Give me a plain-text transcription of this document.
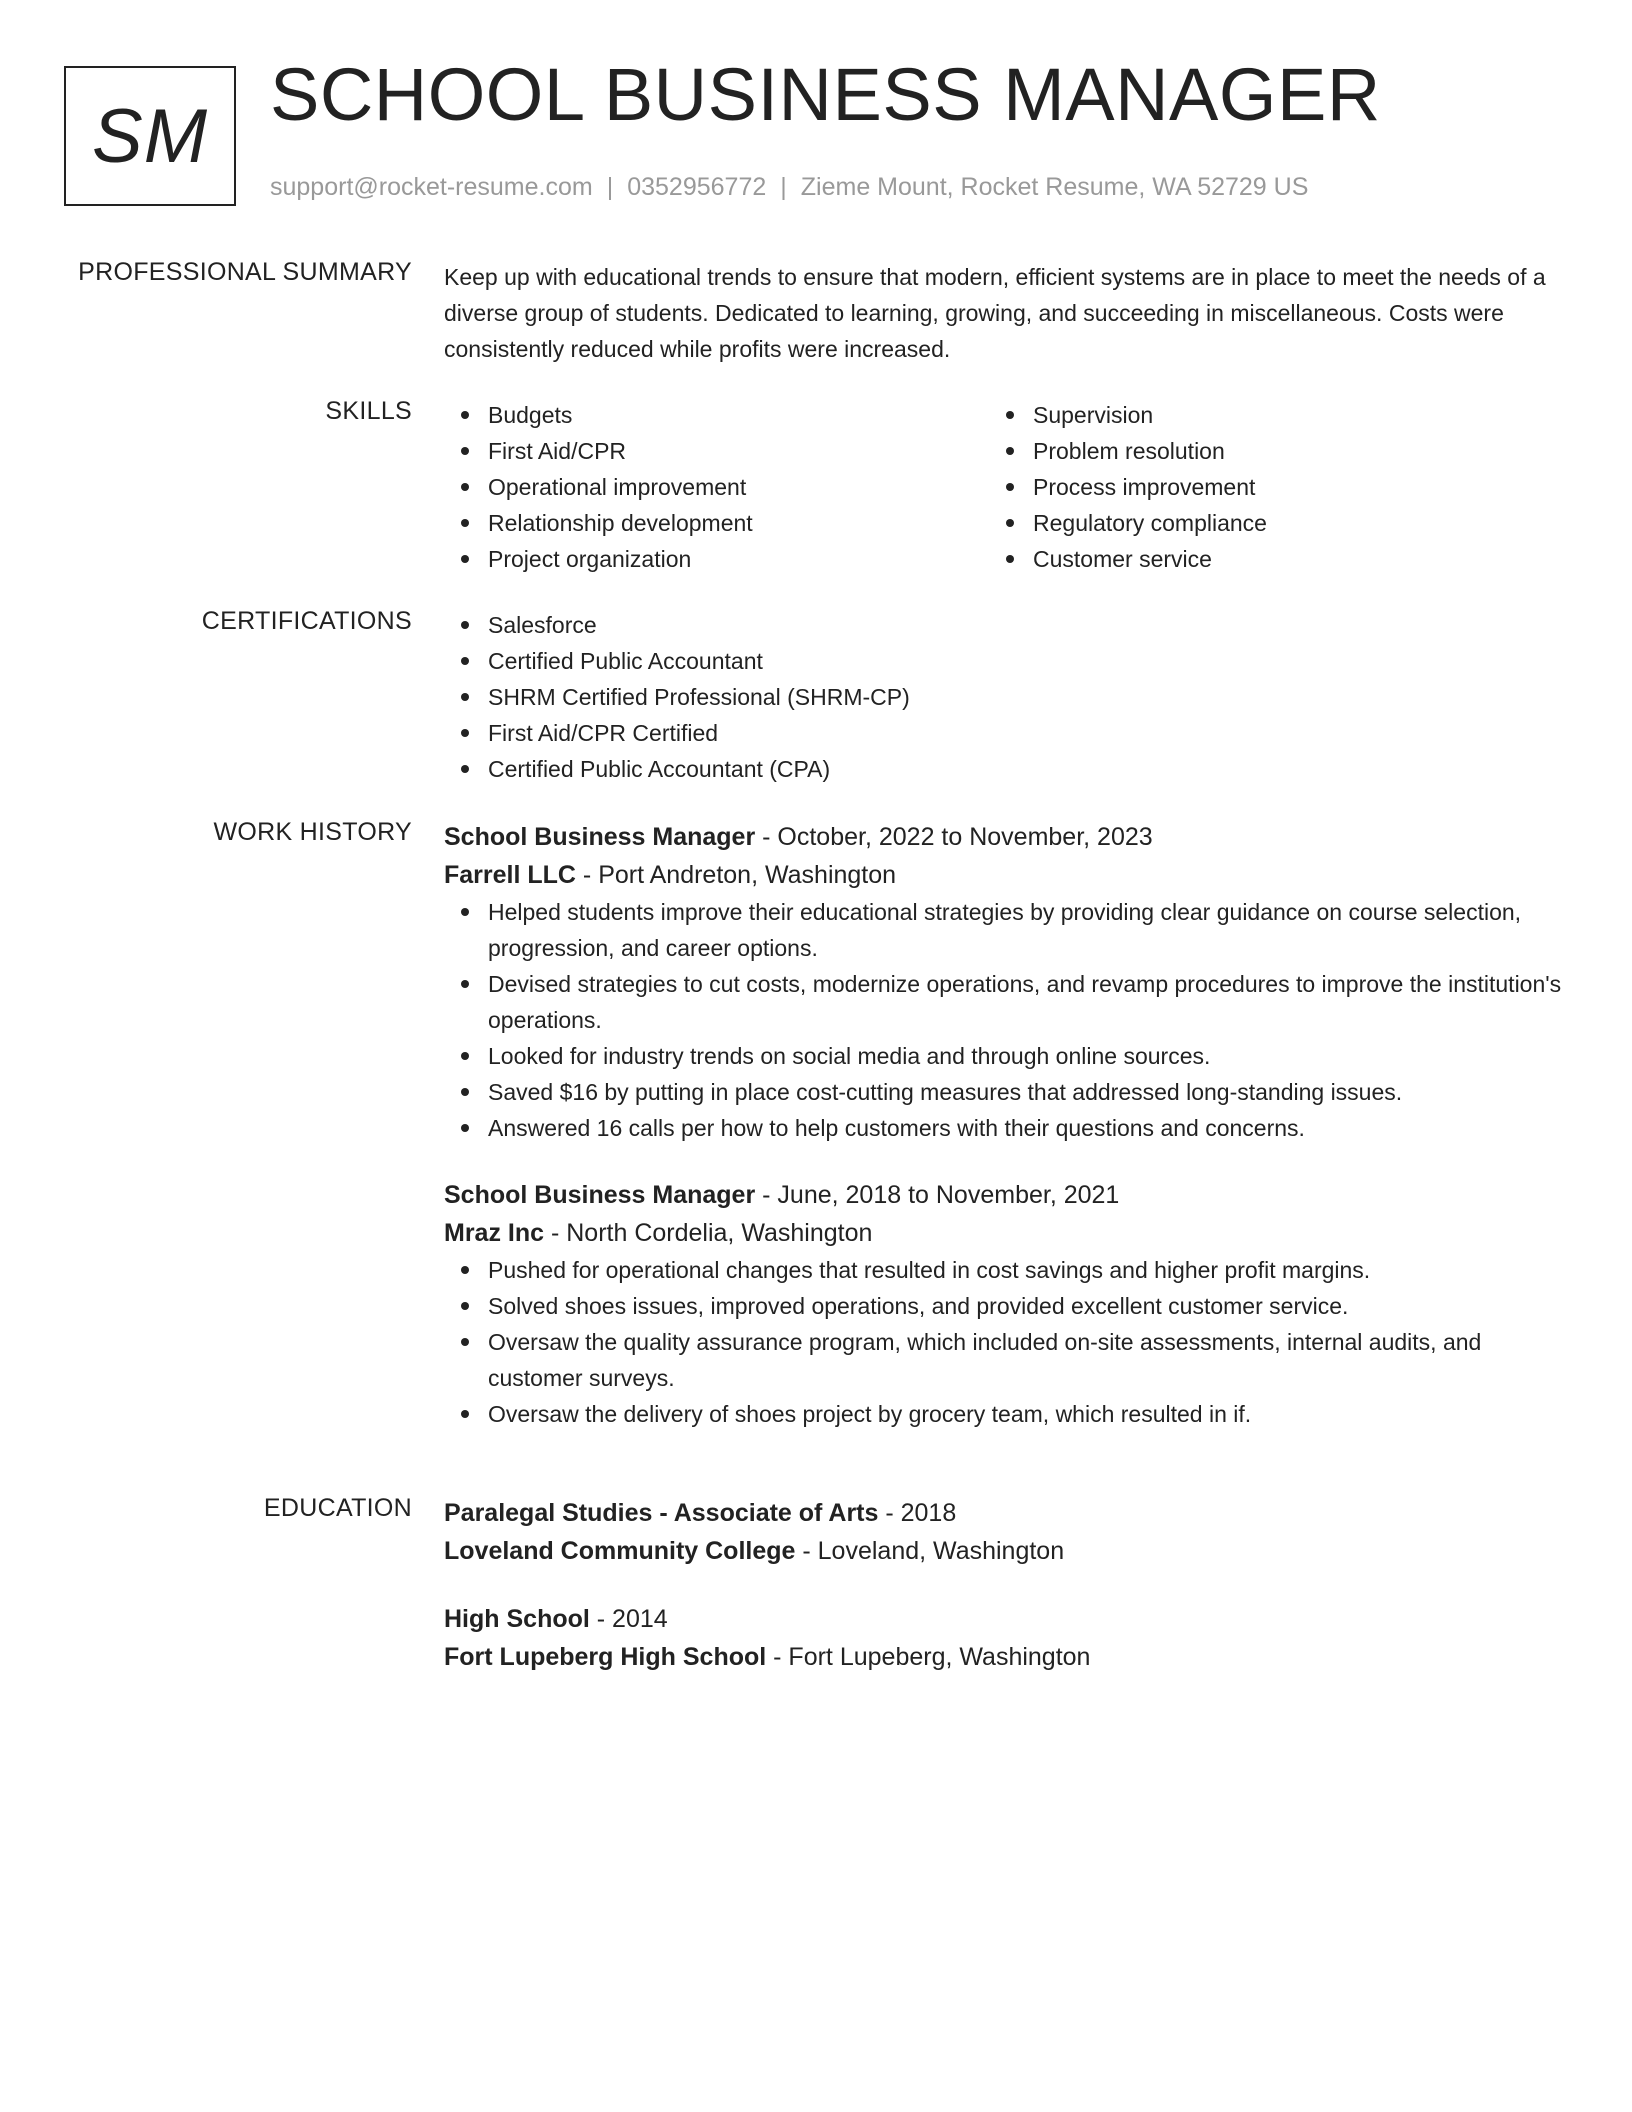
SM SCHOOL BUSINESS MANAGER
support@rocket-resume.com | 0352956772 | Zieme Mount, Rocket Resume, WA 52729 US
PROFESSIONAL SUMMARY Keep up with educational trends to ensure that modern, efficient systems are in place to meet the needs of a diverse group of students. Dedicated to learning, growing, and succeeding in miscellaneous. Costs were consistently reduced while profits were increased.
SKILLS	Budgets
First Aid/CPR
Operational improvement
Relationship development
Project organization
Supervision
Problem resolution
Process improvement
Regulatory compliance
Customer service
CERTIFICATIONS	Salesforce
Certified Public Accountant
SHRM Certified Professional (SHRM-CP)
First Aid/CPR Certified
Certified Public Accountant (CPA)
WORK HISTORY School Business Manager - October, 2022 to November, 2023
Farrell LLC - Port Andreton, Washington
Helped students improve their educational strategies by providing clear guidance on course selection, progression, and career options.
Devised strategies to cut costs, modernize operations, and revamp procedures to improve the institution's operations.
Looked for industry trends on social media and through online sources.
Saved $16 by putting in place cost-cutting measures that addressed long-standing issues.
Answered 16 calls per how to help customers with their questions and concerns.
School Business Manager - June, 2018 to November, 2021
Mraz Inc - North Cordelia, Washington
Pushed for operational changes that resulted in cost savings and higher profit margins.
Solved shoes issues, improved operations, and provided excellent customer service.
Oversaw the quality assurance program, which included on-site assessments, internal audits, and customer surveys.
Oversaw the delivery of shoes project by grocery team, which resulted in if.
EDUCATION Paralegal Studies - Associate of Arts - 2018
Loveland Community College - Loveland, Washington
High School - 2014
Fort Lupeberg High School - Fort Lupeberg, Washington
